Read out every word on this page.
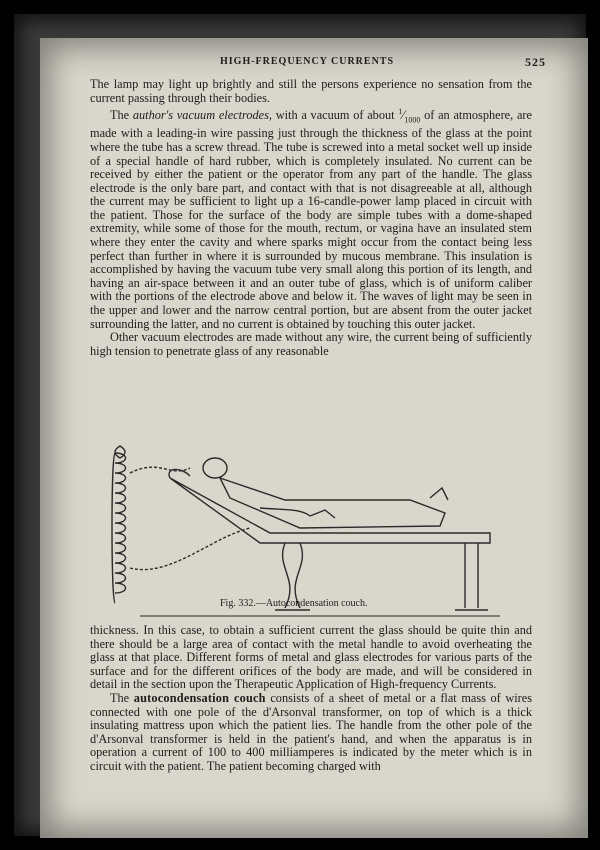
HIGH-FREQUENCY CURRENTS	525

The lamp may light up brightly and still the persons experience no sensation from the current passing through their bodies.

The author's vacuum electrodes, with a vacuum of about $^1⁄_{1000}$ of an atmosphere, are made with a leading-in wire passing just through the thickness of the glass at the point where the tube has a screw thread. The tube is screwed into a metal socket well up inside of a special handle of hard rubber, which is completely insulated. No current can be received by either the patient or the operator from any part of the handle. The glass electrode is the only bare part, and contact with that is not disagreeable at all, although the current may be sufficient to light up a 16-candle-power lamp placed in circuit with the patient. Those for the surface of the body are simple tubes with a dome-shaped extremity, while some of those for the mouth, rectum, or vagina have an insulated stem where they enter the cavity and where sparks might occur from the contact being less perfect than further in where it is surrounded by mucous membrane. This insulation is accomplished by having the vacuum tube very small along this portion of its length, and having an air-space between it and an outer tube of glass, which is of uniform caliber with the portions of the electrode above and below it. The waves of light may be seen in the upper and lower and the narrow central portion, but are absent from the outer jacket surrounding the latter, and no current is obtained by touching this outer jacket.

Other vacuum electrodes are made without any wire, the current being of sufficiently high tension to penetrate glass of any reasonable

Fig. 332.—Autocondensation couch.

thickness. In this case, to obtain a sufficient current the glass should be quite thin and there should be a large area of contact with the metal handle to avoid overheating the glass at that place. Different forms of metal and glass electrodes for various parts of the surface and for the different orifices of the body are made, and will be considered in detail in the section upon the Therapeutic Application of High-frequency Currents.

The autocondensation couch consists of a sheet of metal or a flat mass of wires connected with one pole of the d'Arsonval transformer, on top of which is a thick insulating mattress upon which the patient lies. The handle from the other pole of the d'Arsonval transformer is held in the patient's hand, and when the apparatus is in operation a current of 100 to 400 milliamperes is indicated by the meter which is in circuit with the patient. The patient becoming charged with
